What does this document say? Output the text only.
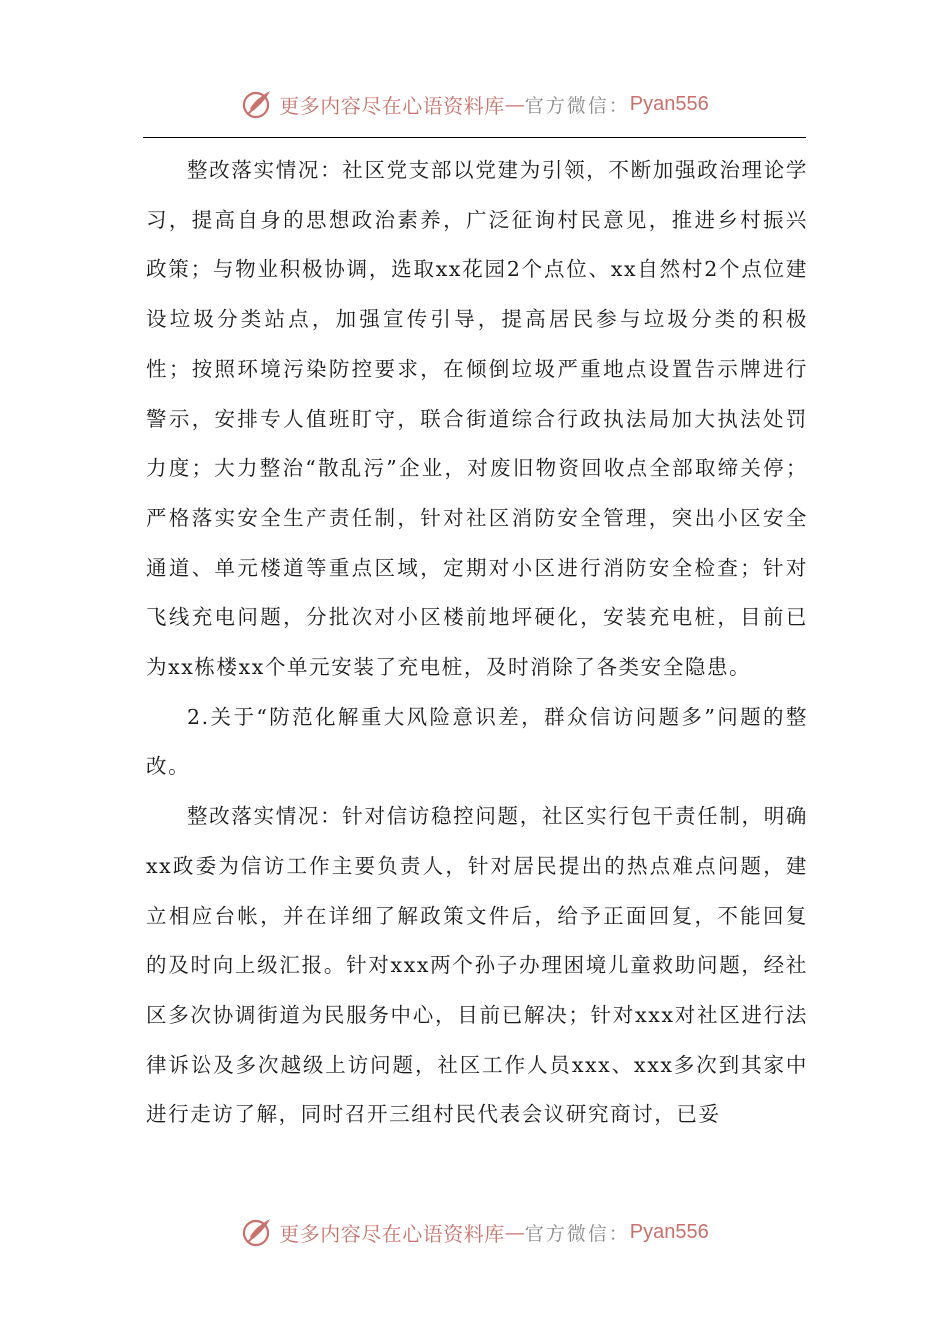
更多内容尽在心语资料库 — 官方微信： Pyan556

整改落实情况：社区党支部以党建为引领，不断加强政治理论学习，提高自身的思想政治素养，广泛征询村民意见，推进乡村振兴政策；与物业积极协调，选取xx花园2个点位、xx自然村2个点位建设垃圾分类站点，加强宣传引导，提高居民参与垃圾分类的积极性；按照环境污染防控要求，在倾倒垃圾严重地点设置告示牌进行警示，安排专人值班盯守，联合街道综合行政执法局加大执法处罚力度；大力整治“散乱污”企业，对废旧物资回收点全部取缔关停；严格落实安全生产责任制，针对社区消防安全管理，突出小区安全通道、单元楼道等重点区域，定期对小区进行消防安全检查；针对飞线充电问题，分批次对小区楼前地坪硬化，安装充电桩，目前已为xx栋楼xx个单元安装了充电桩，及时消除了各类安全隐患。

2.关于“防范化解重大风险意识差，群众信访问题多”问题的整改。

整改落实情况：针对信访稳控问题，社区实行包干责任制，明确xx政委为信访工作主要负责人，针对居民提出的热点难点问题，建立相应台帐，并在详细了解政策文件后，给予正面回复，不能回复的及时向上级汇报。针对xxx两个孙子办理困境儿童救助问题，经社区多次协调街道为民服务中心，目前已解决；针对xxx对社区进行法律诉讼及多次越级上访问题，社区工作人员xxx、xxx多次到其家中进行走访了解，同时召开三组村民代表会议研究商讨，已妥

更多内容尽在心语资料库 — 官方微信： Pyan556
